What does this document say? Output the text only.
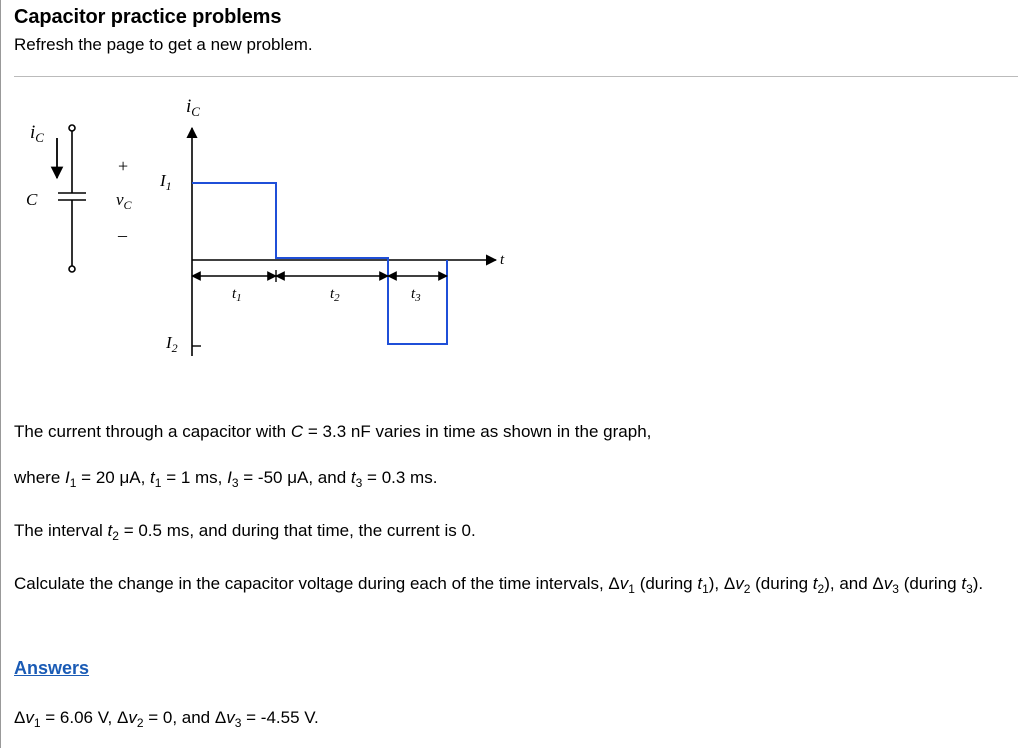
Capacitor practice problems
Refresh the page to get a new problem.
$i_C$
C
+
–
$v_C$
$i_C$
t
$I_1$
$I_2$
$t_1$	$t_2$	$t_3$
The current through a capacitor with C = 3.3 nF varies in time as shown in the graph,
where $I_1 = 20$ μA, $t_1 = 1$ ms, $I_3 = -50$ μA, and $t_3 = 0.3$ ms.
The interval $t_2 = 0.5$ ms, and during that time, the current is 0.
Calculate the change in the capacitor voltage during each of the time intervals, $\Delta v_1$ (during $t_1$), $\Delta v_2$ (during $t_2$), and $\Delta v_3$ (during $t_3$).
Answers
$\Delta v_1 = 6.06$ V, $\Delta v_2 = 0$, and $\Delta v_3 = -4.55$ V.
